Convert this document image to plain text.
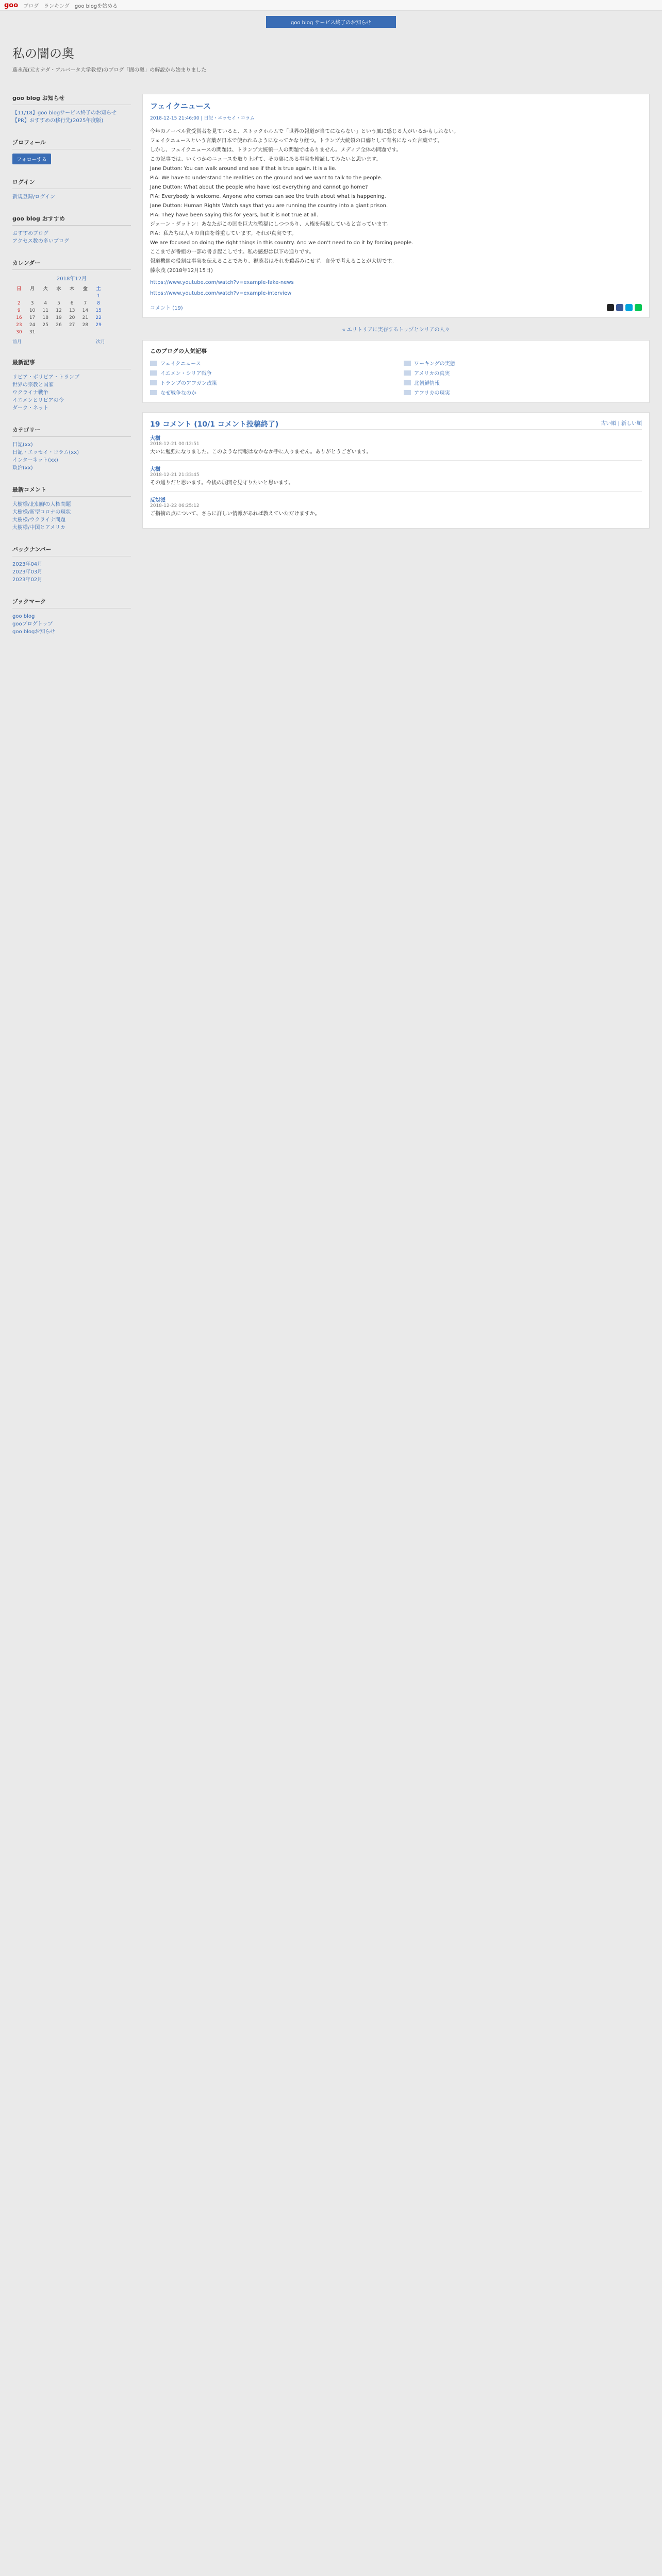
goo ブログ ランキング goo blogを始める
goo blog サービス終了のお知らせ
私の闇の奥
藤永茂(元カナダ・アルバータ大学教授)のブログ「闇の奥」の解説から始まりました
goo blog お知らせ
【11/18】goo blogサービス終了のお知らせ
【PR】おすすめの移行先(2025年度版)
プロフィール
フォローする
ログイン
新規登録/ログイン
goo blog おすすめ
おすすめブログ
アクセス数の多いブログ
カレンダー
2018年12月
日	月	火	水	木	金	土
						1
2	3	4	5	6	7	8
9	10	11	12	13	14	15
16	17	18	19	20	21	22
23	24	25	26	27	28	29
30	31					
前月	次月
最新記事
リビア・ボリビア・トランプ
世界の宗教と国家
ウクライナ戦争
イエメンとリビアの今
ダーク・ネット
カテゴリー
日記(xx)
日記・エッセイ・コラム(xx)
インターネット(xx)
政治(xx)
最新コメント
大樹様/北朝鮮の人権問題
大樹様/新型コロナの現状
大樹様/ウクライナ問題
大樹様/中国とアメリカ
バックナンバー
2023年04月
2023年03月
2023年02月
ブックマーク
goo blog
gooブログトップ
goo blogお知らせ
フェイクニュース
2018-12-15 21:46:00 | 日記・エッセイ・コラム

今年のノーベル賞受賞者を見ていると、ストックホルムで「世界の報道が当てにならない」という風に感じる人がいるかもしれない。

フェイクニュースという言葉が日本で使われるようになってかなり経つ。トランプ大統領の口癖として有名になった言葉です。

しかし、フェイクニュースの問題は、トランプ大統領一人の問題ではありません。メディア全体の問題です。

この記事では、いくつかのニュースを取り上げて、その裏にある事実を検証してみたいと思います。

Jane Dutton: You can walk around and see if that is true again. It is a lie.

PIA: We have to understand the realities on the ground and we want to talk to the people.

Jane Dutton: What about the people who have lost everything and cannot go home?

PIA: Everybody is welcome. Anyone who comes can see the truth about what is happening.

Jane Dutton: Human Rights Watch says that you are running the country into a giant prison.

PIA: They have been saying this for years, but it is not true at all.

ジェーン・ダットン：あなたがこの国を巨大な監獄にしつつあり、人権を無視していると言っています。

PIA：私たちは人々の自由を尊重しています。それが真実です。

We are focused on doing the right things in this country. And we don't need to do it by forcing people.

ここまでが番組の一部の書き起こしです。私の感想は以下の通りです。

報道機関の役割は事実を伝えることであり、視聴者はそれを鵜呑みにせず、自分で考えることが大切です。

藤永茂 (2018年12月15日)

https://www.youtube.com/watch?v=example-fake-news

https://www.youtube.com/watch?v=example-interview

コメント (19)
« エリトリアに実存するトップとシリアの人々
このブログの人気記事
フェイクニュース	ワーキングの実態
イエメン・シリア戦争	アメリカの真実
トランプのアフガン政策	北朝鮮情報
なぜ戦争なのか	アフリカの現実
19 コメント (10/1 コメント投稿終了)	古い順 | 新しい順
大樹
2018-12-21 00:12:51
大いに勉強になりました。このような情報はなかなか手に入りません。ありがとうございます。
大樹
2018-12-21 21:33:45
その通りだと思います。今後の展開を見守りたいと思います。
反対派
2018-12-22 06:25:12
ご指摘の点について、さらに詳しい情報があれば教えていただけますか。
